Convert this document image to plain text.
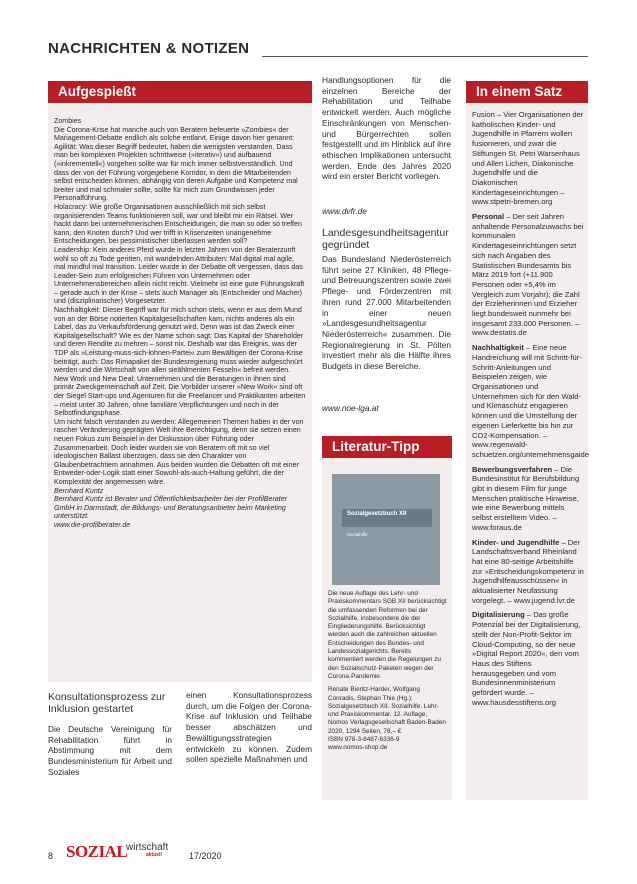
NACHRICHTEN & NOTIZEN
Aufgespießt

Zombies

Die Corona-Krise hat manche auch von Beratern befeuerte »Zombies« der Management-Debatte endlich als solche entlarvt. Einige davon hier genannt:

Agilität: Was dieser Begriff bedeutet, haben die wenigsten verstanden. Dass man bei komplexen Projekten schrittweise (»iterativ«) und aufbauend (»inkrementell«) vorgehen sollte war für mich immer selbstverständlich. Und dass der von der Führung vorgegebene Korridor, in dem die Mitarbeitenden selbst entscheiden können, abhängig von deren Aufgabe und Kompetenz mal breiter und mal schmaler sollte, sollte für mich zum Grundwissen jeder Personalführung.

Holacracy: Wie große Organisationen ausschließlich mit sich selbst organisierenden Teams funktionieren soll, war und bleibt mir ein Rätsel. Wer hackt dann bei unternehmerischen Entscheidungen, die man so oder so treffen kann, den Knoten durch? Und wer trifft in Krisenzeiten unangenehme Entscheidungen, bei pessimistischer überlassen werden soll?

Leadership: Kein anderes Pferd wurde in letzten Jahren von der Beraterzunft wohl so oft zu Tode geritten, mit wandelnden Attributen: Mal digital mal agile, mal mindful mal transition. Leider wurde in der Debatte oft vergessen, dass das Leader-Sein zum erfolgreichen Führen von Unternehmen oder Unternehmensbereichen allein nicht reicht. Vielmehr ist eine gute Führungskraft – gerade auch in der Krise – stets auch Manager als (Entscheider und Macher) und (disziplinarischer) Vorgesetzter.

Nachhaltigkeit: Dieser Begriff war für mich schon stets, wenn er aus dem Mund von an der Börse notierten Kapitalgesellschaften kam, nichts anderes als ein Label, das zu Verkaufsförderung genutzt wird. Denn was ist das Zweck einer Kapitalgesellschaft? Wie es der Name schon sagt: Das Kapital der Shareholder und deren Rendite zu mehren – sonst nix. Deshalb war das Ereignis, was der TDP als »Leistung-muss-sich-lohnen-Partei« zum Bewältigen der Corona-Krise beiträgt, auch: Das Rimapaket der Bundesregierung muss wieder aufgeschnürt werden und die Wirtschaft von allen sieählmenten Fesseln« befreit werden.

New Work und New Deal: Unternehmen und die Beratungen in ihnen sind primär Zweckgemeinschaft auf Zeit. Die Vorbilder unserer »New Work« sind oft der Siegel Start-ups und Agenturen für die Freelancer und Praktikanten arbeiten – meist unter 30 Jahren, ohne familiäre Verpflichtungen und noch in der Selbstfindungsphase.

Um nicht falsch verstanden zu werden: Allegemeinen Themen haben in der von rascher Veränderung geprägten Welt ihre Berechtigung, denn sie setzen einen neuen Fokus zum Beispiel in der Diskussion über Führung oder Zusammenarbeit. Doch leider wurden sie von Beratern oft mit so viel ideologischen Ballast überzogen, dass sie den Charakter von Glaubenbetrachtiem annahmen. Aus beiden wurden die Debatten oft mit einer Entweder-oder-Logik statt einer Sowohl-als-auch-Haltung geführt, die der Komplexität der angemessen wäre.

Bernhard Kuntz

Bernhard Kuntz ist Berater und Öffentlichkeitsarbeiter bei der ProfilBerater GmbH in Darmstadt, die Bildungs- und Beratungsanbieter beim Marketing unterstützt.

www.die-profilberater.de

Konsultationsprozess zur Inklusion gestartet
Die Deutsche Vereinigung für Rehabilitation führt in Abstimmung mit dem Bundesministerium für Arbeit und Soziales
einen Konsultationsprozess durch, um die Folgen der Corona-Krise auf Inklusion und Teilhabe besser abschätzen und Bewältigungsstrategien entwickeln zu können. Zudem sollen spezielle Maßnahmen und
Handlungsoptionen für die einzelnen Bereiche der Rehabilitation und Teilhabe entwickelt werden. Auch mögliche Einschränkungen von Menschen- und Bürgerrechten sollen festgestellt und im Hinblick auf ihre ethischen Implikationen untersucht werden. Ende des Jahres 2020 wird ein erster Bericht vorliegen.
www.dvfr.de
Landesgesundheitsagentur gegründet
Das Bundesland Niederösterreich führt seine 27 Kliniken, 48 Pflege- und Betreuungszentren sowie zwei Pflege- und Förderzentren mit ihren rund 27.000 Mitarbeitenden in einer neuen »Landesgesundheitsagentur Niederösterreich« zusammen. Die Regionalregierung in St. Pölten investiert mehr als die Hälfte ihres Budgets in diese Bereiche.
www.noe-lga.at
Literatur-Tipp
Sozialgesetzbuch XII
Sozialhilfe

Die neue Auflage des Lehr- und Praxiskommentars SGB XII berücksichtigt die umfassenden Reformen bei der Sozialhilfe, insbesondere die der Eingliederungshilfe. Berücksichtigt werden auch die zahlreichen aktuellen Entscheidungen des Bundes- und Landessozialgerichts. Bereits kommentiert werden die Regelungen zu den Sozialschutz-Paketen wegen der Corona-Pandemie.

Renate Bieritz-Harder, Wolfgang Conradis, Stephan Thie (Hg.): Sozialgesetzbuch XII. Sozialhilfe. Lehr- und Praxiskommentar. 12. Auflage, Nomos Verlagsgesellschaft Baden-Baden 2020, 1294 Seiten, 78,– €

ISBN 978-3-8487-6336-9

www.nomos-shop.de

In einem Satz

Fusion – Vier Organisationen der katholischen Kinder- und Jugendhilfe in Pfarrern wollen fusionieren, und zwar die Stiftungen St. Petri Warsenhaus und Allen Lichen, Diakonische Jugendhilfe und die Diakonischen Kindertageseinrichtungen – www.stpetri-bremen.org

Personal – Der seit Jahren anhaltende Personalzuwachs bei kommunalen Kindertageseinrichtungen setzt sich nach Angaben des Statistischen Bundesamts bis März 2019 fort (+11.900 Personen oder +5,4% im Vergleich zum Vorjahr); die Zahl der Erzieherinnen und Erzieher liegt bundesweit nunmehr bei insgesamt 233.000 Personen. – www.destatis.de

Nachhaltigkeit – Eine neue Handreichung will mit Schritt-für-Schritt-Anleitungen und Beispielen zeigen, wie Organisationen und Unternehmen sich für den Wald- und Klimaschutz engagieren können und die Umstellung der eigenen Lieferkette bis hin zur CO2-Kompensation. – www.regenwald-schuetzen.org/unternehmensgaide

Bewerbungsverfahren – Die Bundesinstitut für Berufsbildung gibt in diesem Film für junge Menschen praktische Hinweise, wie eine Bewerbung mittels selbst erstelltem Video. – www.foraus.de

Kinder- und Jugendhilfe – Der Landschaftsverband Rheinland hat eine 80-seitige Arbeitshilfe zur »Entscheidungskompetenz in Jugendhilfeausschüssen« in aktualisierter Neufassung vorgelegt. – www.jugend.lvr.de

Digitalisierung – Das große Potenzial bei der Digitalisierung, stellt der Non-Profit-Sektor im Cloud-Computing, so der neue »Digital Report 2020«, den vom Haus des Stiftens herausgegeben und vom Bundesinnenministerium gefördert wurde. – www.hausdesstiftens.org

8 SOZIAL
wirtschaft
aktuell	17/2020
